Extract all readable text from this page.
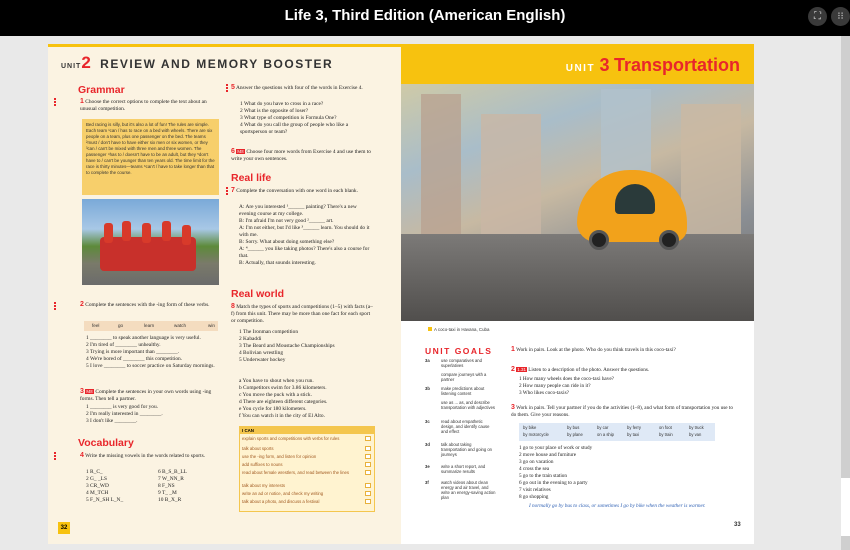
Life 3, Third Edition (American English)	⛶	⁝⁝
UNIT2 REVIEW AND MEMORY BOOSTER
Grammar
1 Choose the correct options to complete the text about an unusual competition.
Bed racing is silly, but it's also a lot of fun! The rules are simple. Each team ¹can / has to race on a bed with wheels. There are six people on a team, plus one passenger on the bed. The teams ²must / don't have to have either six men or six women, or they ³can / can't be mixed with three men and three women. The passenger ⁴has to / doesn't have to be an adult, but they ⁵don't have to / can't be younger than ten years old. The time limit for the race is thirty minutes—teams ⁶can't / have to take longer than that to complete the course.
2 Complete the sentences with the -ing form of these verbs.
feel	go	learn	watch	win
1 ________ to speak another language is very useful.
2 I'm tired of ________ unhealthy.
3 Trying is more important than ________.
4 We're bored of ________ this competition.
5 I love ________ to soccer practice on Saturday mornings.
3 ME Complete the sentences in your own words using -ing forms. Then tell a partner.
1 ________ is very good for you.
2 I'm really interested in ________.
3 I don't like ________.
Vocabulary
4 Write the missing vowels in the words related to sports.
1 R_C_
2 G_ _LS
3 CR_WD
4 M_TCH
5 F_N_SH L_N_
6 B_S_B_LL
7 W_NN_R
8 F_NS
9 T_ _M
10 B_X_R
5 Answer the questions with four of the words in Exercise 4.
1 What do you have to cross in a race?
2 What is the opposite of loser?
3 What type of competition is Formula One?
4 What do you call the group of people who like a sportsperson or team?
6 ME Choose four more words from Exercise 4 and use them to write your own sentences.
Real life
7 Complete the conversation with one word in each blank.
A: Are you interested ¹______ painting? There's a new evening course at my college.
B: I'm afraid I'm not very good ²______ art.
A: I'm not either, but I'd like ³______ learn. You should do it with me.
B: Sorry. What about doing something else?
A: ⁴______ you like taking photos? There's also a course for that.
B: Actually, that sounds interesting.
Real world
8 Match the types of sports and competitions (1–5) with facts (a–f) from this unit. There may be more than one fact for each sport or competition.
1 The Ironman competition
2 Kabaddi
3 The Beard and Moustache Championships
4 Bolivian wrestling
5 Underwater hockey
a You have to shout when you run.
b Competitors swim for 3.86 kilometers.
c You move the puck with a stick.
d There are eighteen different categories.
e You cycle for 180 kilometers.
f You can watch it in the city of El Alto.
I CAN
explain sports and competitions with verbs for rules
talk about sports
use the -ing form, and listen for opinion
add suffixes to nouns
read about female wrestlers, and read between the lines
talk about my interests
write an ad or notice, and check my writing
talk about a photo, and discuss a festival
32
UNIT 3 Transportation
A coco-taxi in Havana, Cuba
UNIT GOALS
3a	use comparatives and superlatives
compare journeys with a partner
3b	make predictions about listening content
use as ... as, and describe transportation with adjectives
3c	read about empathetic design, and identify cause and effect
3d	talk about taking transportation and going on journeys
3e	write a short report, and summarize results
3f	watch videos about clean energy and air travel, and write an energy-saving action plan
1 Work in pairs. Look at the photo. Who do you think travels in this coco-taxi?
2 1.31 Listen to a description of the photo. Answer the questions.
1 How many wheels does the coco-taxi have?
2 How many people can ride in it?
3 Who likes coco-taxis?
3 Work in pairs. Tell your partner if you do the activities (1–8), and what form of transportation you use to do them. Give your reasons.
by bike	by bus	by car	by ferry	on foot	by truck
by motorcycle	by plane	on a ship	by taxi	by train	by van
1 go to your place of work or study
2 move house and furniture
3 go on vacation
4 cross the sea
5 go to the train station
6 go out in the evening to a party
7 visit relatives
8 go shopping
I normally go by bus to class, or sometimes I go by bike when the weather is warmer.
33
